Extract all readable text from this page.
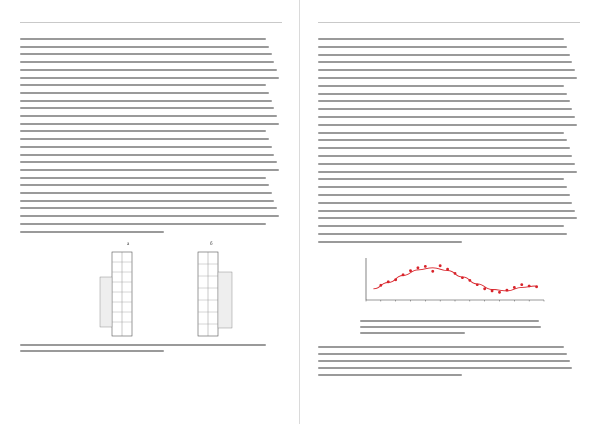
а	б
